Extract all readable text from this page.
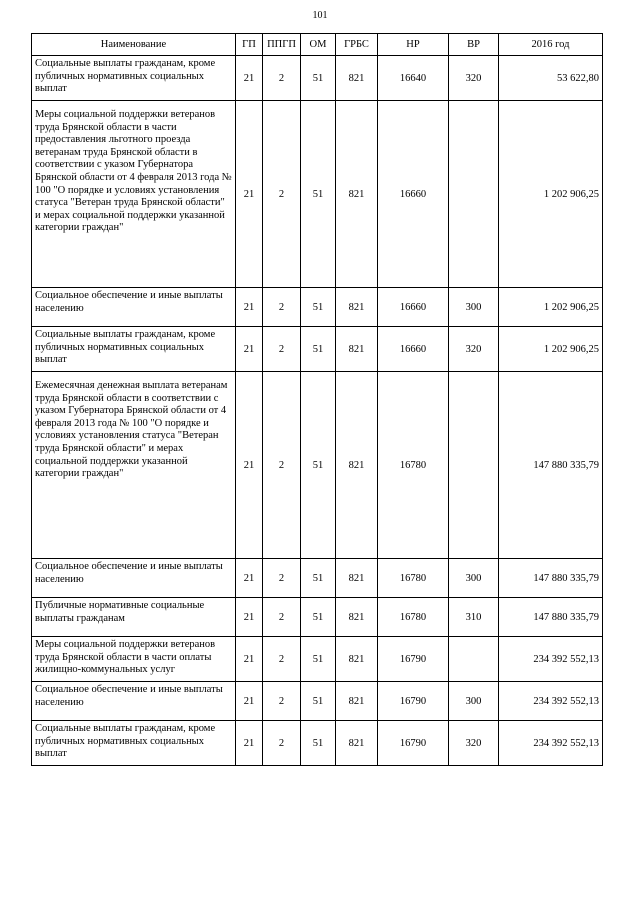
101
Наименование	ГП	ППГП	ОМ	ГРБС	НР	ВР	2016 год
Социальные выплаты гражданам, кроме публичных нормативных социальных выплат	21	2	51	821	16640	320	53 622,80
Меры социальной поддержки ветеранов труда Брянской области в части предоставления льготного проезда ветеранам труда Брянской области в соответствии с указом Губернатора Брянской области от 4 февраля 2013 года № 100 "О порядке и условиях установления статуса "Ветеран труда Брянской области" и мерах социальной поддержки указанной категории граждан"	21	2	51	821	16660		1 202 906,25
Социальное обеспечение и иные выплаты населению	21	2	51	821	16660	300	1 202 906,25
Социальные выплаты гражданам, кроме публичных нормативных социальных выплат	21	2	51	821	16660	320	1 202 906,25
Ежемесячная денежная выплата ветеранам труда Брянской области в соответствии с указом Губернатора Брянской области от 4 февраля 2013 года № 100 "О порядке и условиях установления статуса "Ветеран труда Брянской области" и мерах социальной поддержки указанной категории граждан"	21	2	51	821	16780		147 880 335,79
Социальное обеспечение и иные выплаты населению	21	2	51	821	16780	300	147 880 335,79
Публичные нормативные социальные выплаты гражданам	21	2	51	821	16780	310	147 880 335,79
Меры социальной поддержки ветеранов труда Брянской области в части оплаты жилищно-коммунальных услуг	21	2	51	821	16790		234 392 552,13
Социальное обеспечение и иные выплаты населению	21	2	51	821	16790	300	234 392 552,13
Социальные выплаты гражданам, кроме публичных нормативных социальных выплат	21	2	51	821	16790	320	234 392 552,13
